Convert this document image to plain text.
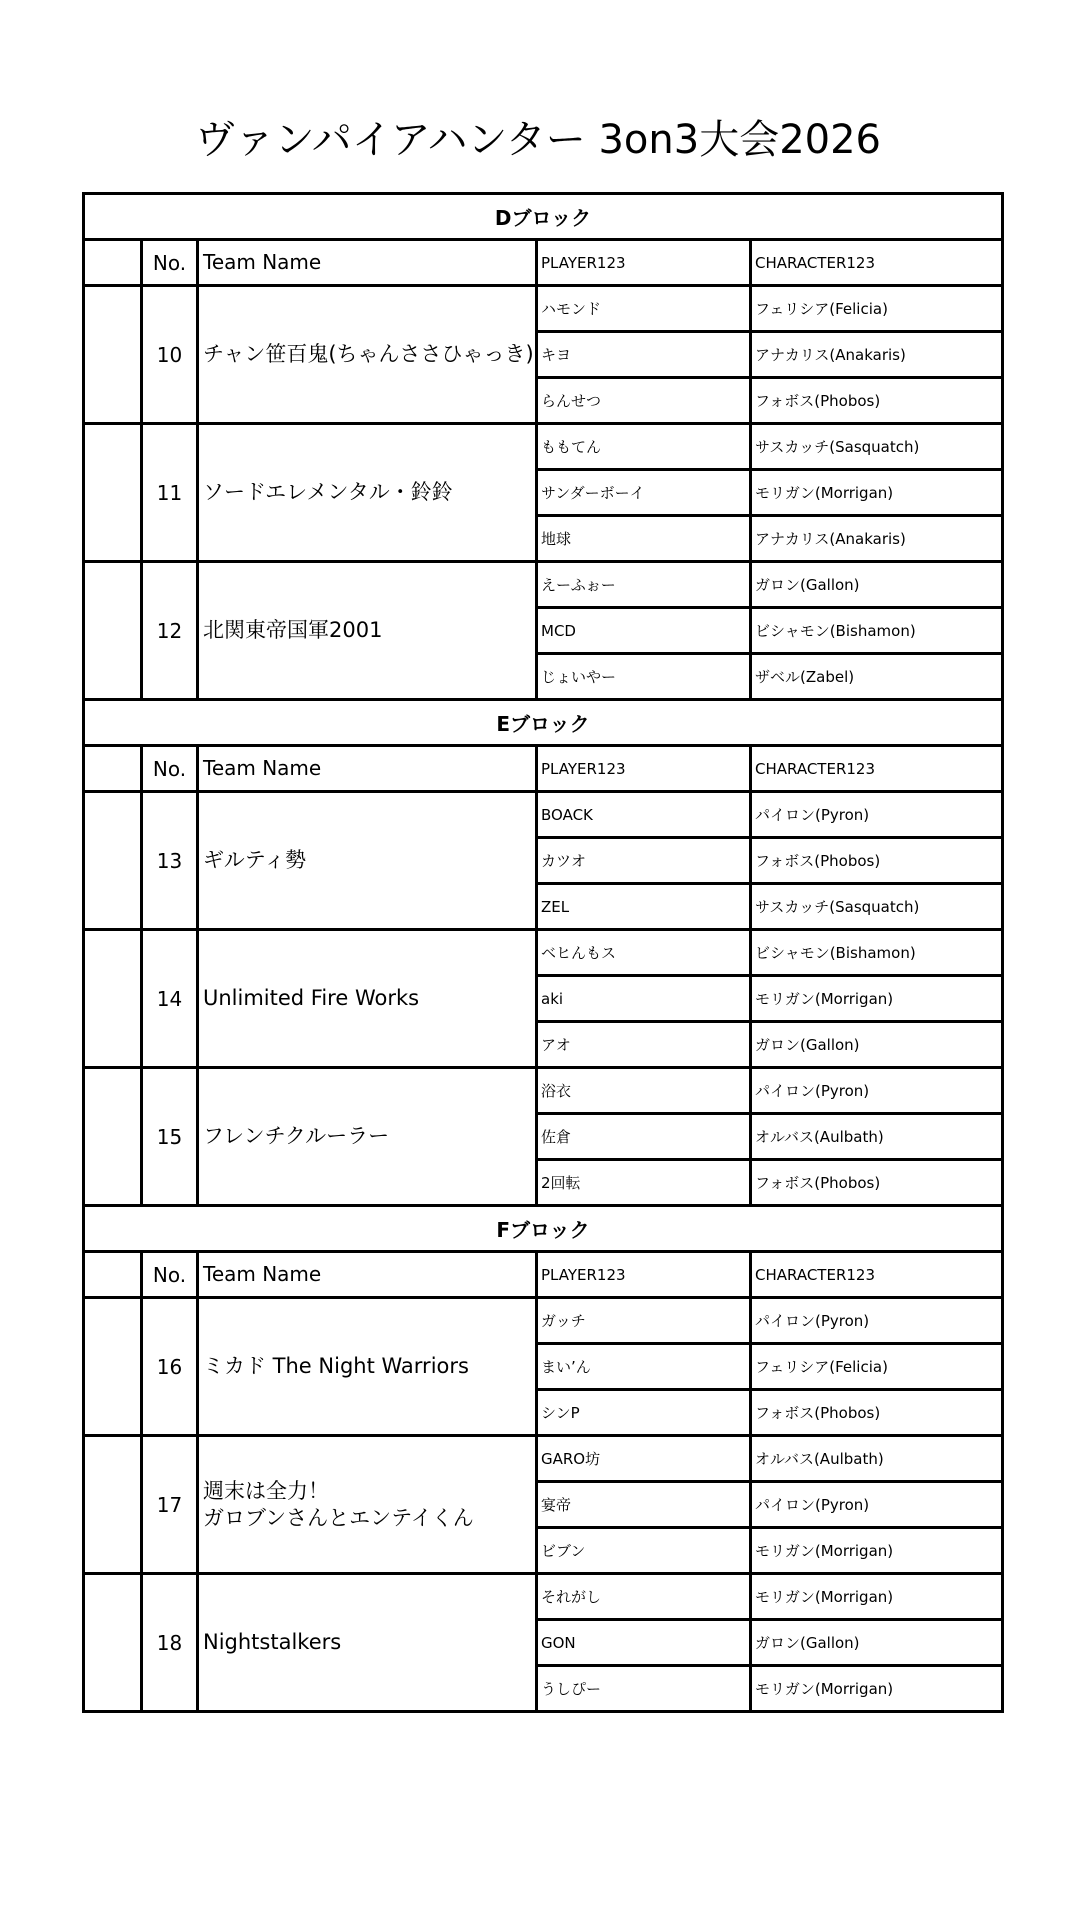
ヴァンパイアハンター 3on3大会2026
Dブロック				
	No.	Team Name	PLAYER123	CHARACTER123
	10	チャン笹百鬼(ちゃんささひゃっき)	ハモンド	フェリシア(Felicia)
			キヨ	アナカリス(Anakaris)
			らんせつ	フォボス(Phobos)
	11	ソードエレメンタル・鈴鈴	ももてん	サスカッチ(Sasquatch)
			サンダーボーイ	モリガン(Morrigan)
			地球	アナカリス(Anakaris)
	12	北関東帝国軍2001	えーふぉー	ガロン(Gallon)
			MCD	ビシャモン(Bishamon)
			じょいやー	ザベル(Zabel)
Eブロック				
	No.	Team Name	PLAYER123	CHARACTER123
	13	ギルティ勢	BOACK	パイロン(Pyron)
			カツオ	フォボス(Phobos)
			ZEL	サスカッチ(Sasquatch)
	14	Unlimited Fire Works	ベヒんもス	ビシャモン(Bishamon)
			aki	モリガン(Morrigan)
			アオ	ガロン(Gallon)
	15	フレンチクルーラー	浴衣	パイロン(Pyron)
			佐倉	オルバス(Aulbath)
			2回転	フォボス(Phobos)
Fブロック				
	No.	Team Name	PLAYER123	CHARACTER123
	16	ミカド The Night Warriors	ガッチ	パイロン(Pyron)
			まい’ん	フェリシア(Felicia)
			シンP	フォボス(Phobos)
	17	週末は全力！
ガロブンさんとエンテイくん	GARO坊	オルバス(Aulbath)
			宴帝	パイロン(Pyron)
			ビブン	モリガン(Morrigan)
	18	Nightstalkers	それがし	モリガン(Morrigan)
			GON	ガロン(Gallon)
			うしぴー	モリガン(Morrigan)
